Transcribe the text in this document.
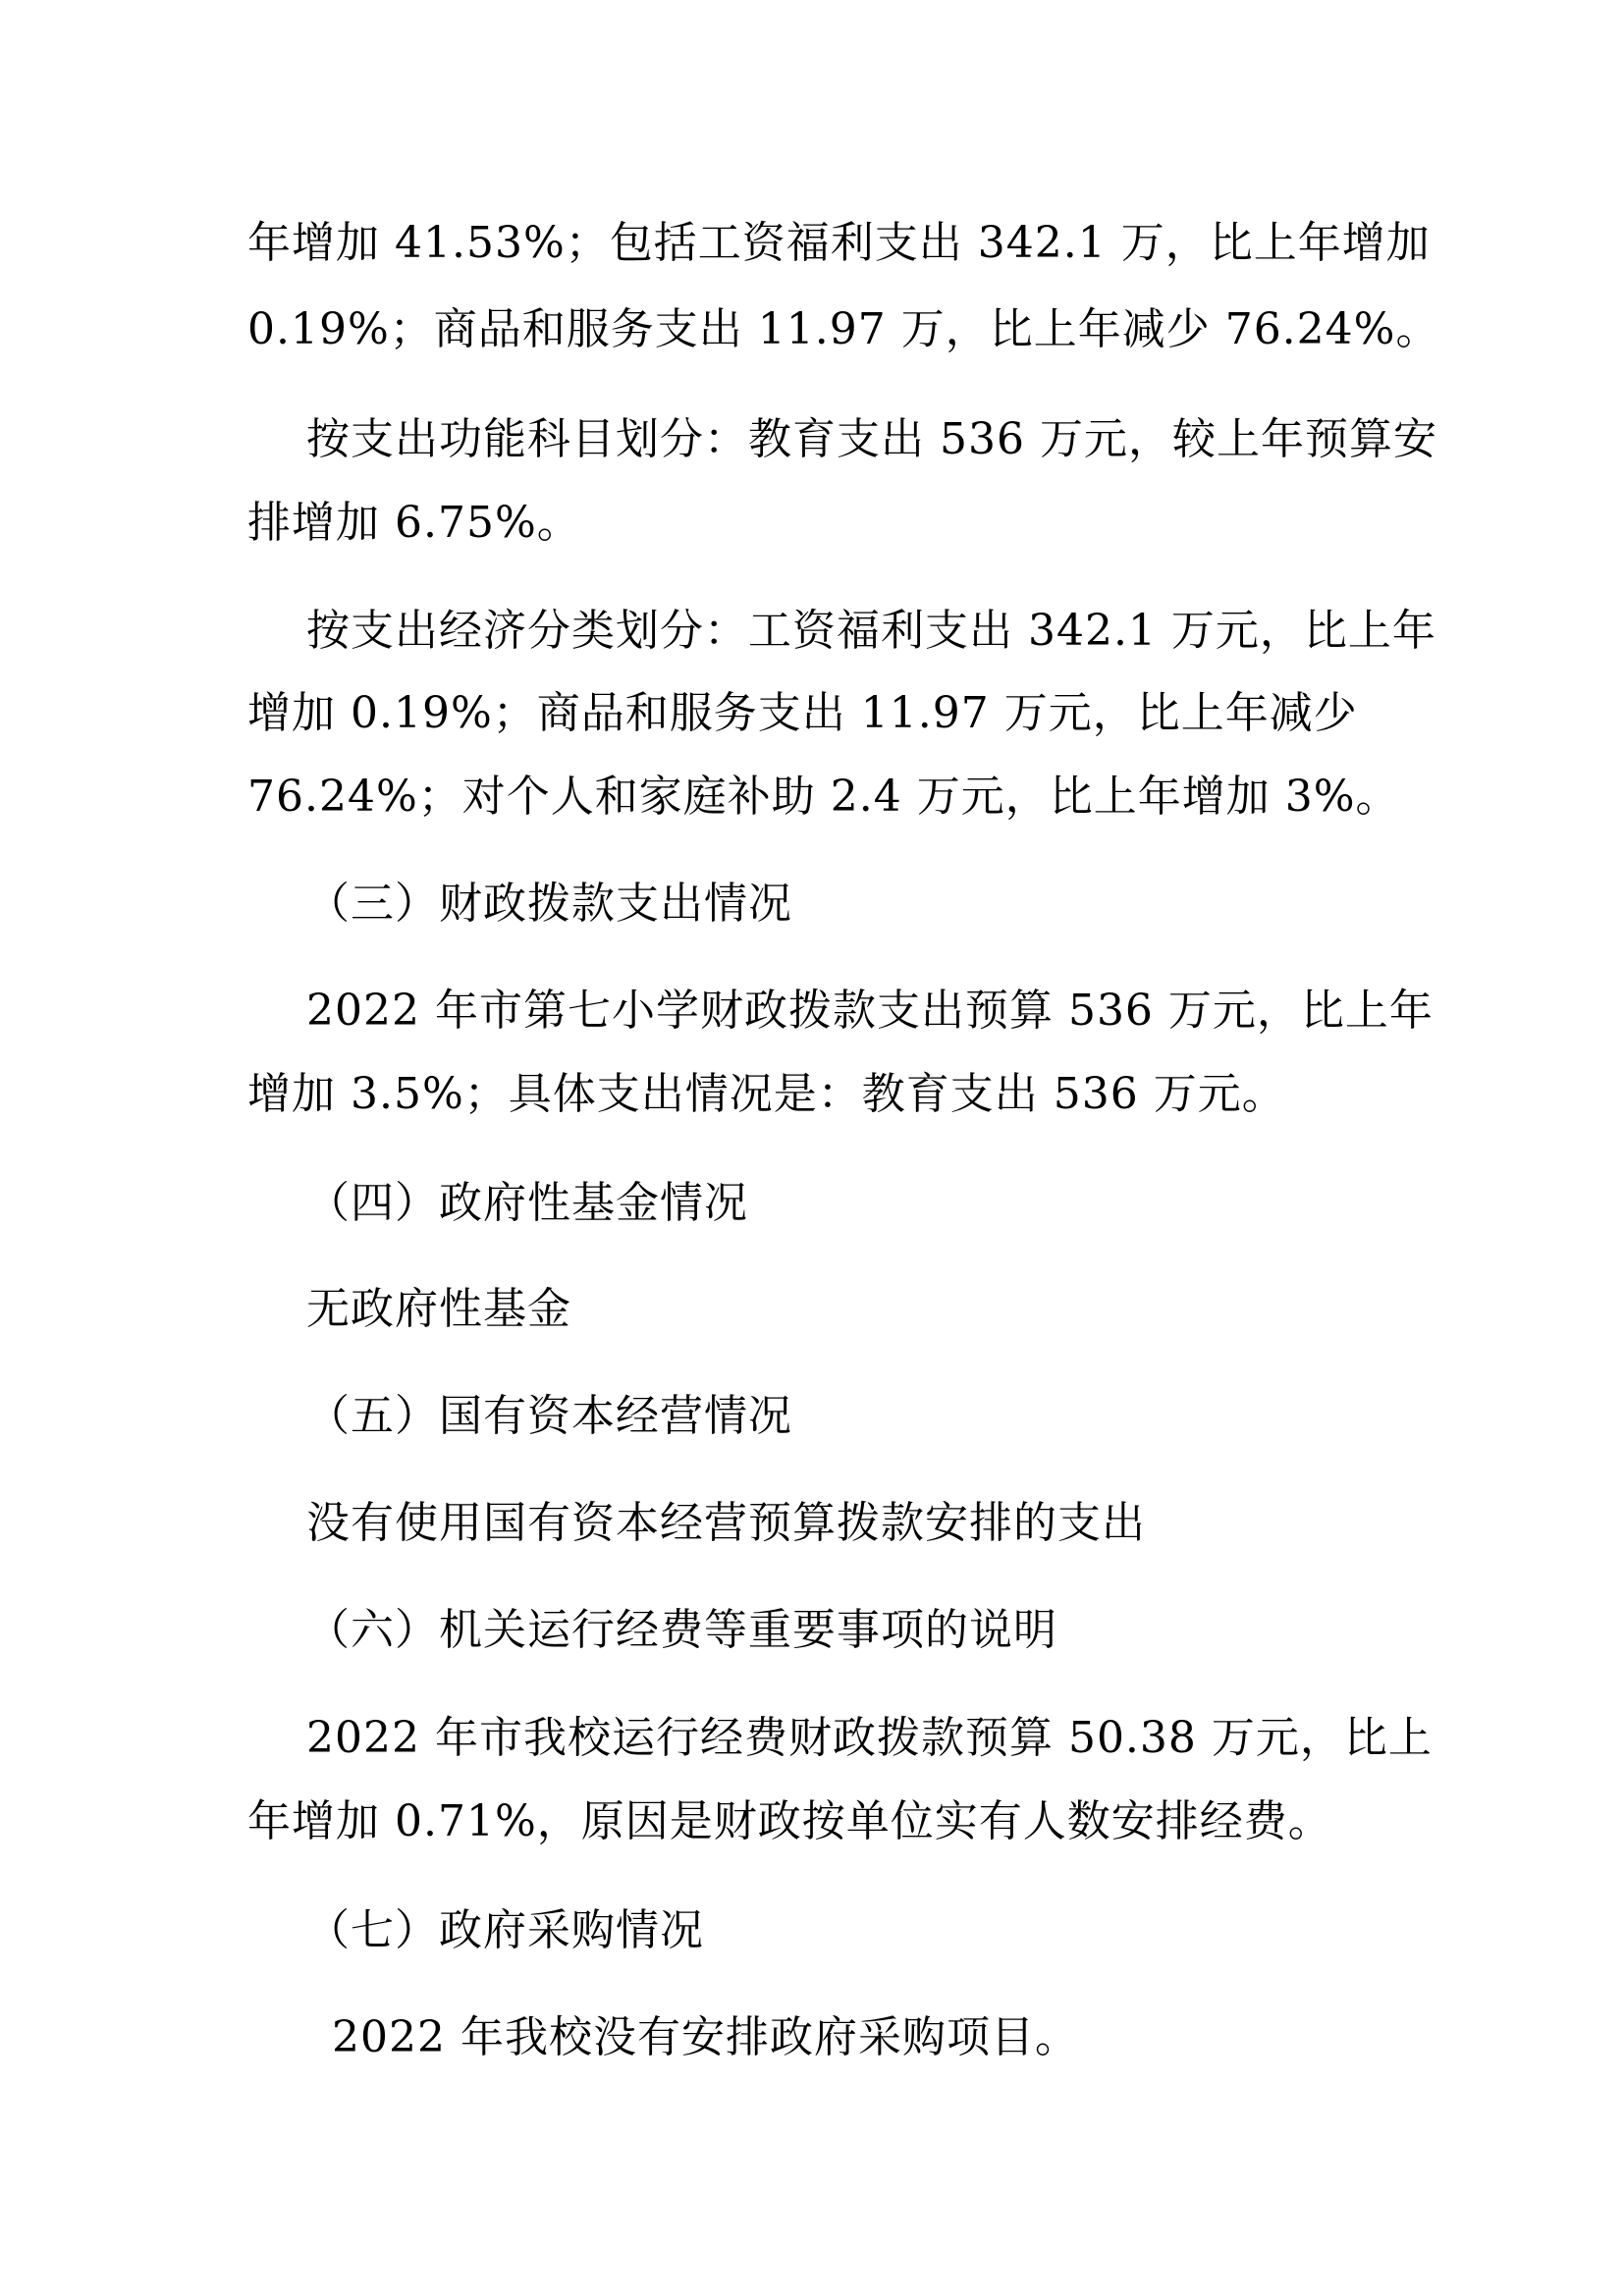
年增加 41.53%；包括工资福利支出 342.1 万，比上年增加
0.19%；商品和服务支出 11.97 万，比上年减少 76.24%。
按支出功能科目划分：教育支出 536 万元，较上年预算安
排增加 6.75%。
按支出经济分类划分：工资福利支出 342.1 万元，比上年
增加 0.19%；商品和服务支出 11.97 万元，比上年减少
76.24%；对个人和家庭补助 2.4 万元，比上年增加 3%。
（三）财政拨款支出情况
2022 年市第七小学财政拨款支出预算 536 万元，比上年
增加 3.5%；具体支出情况是：教育支出 536 万元。
（四）政府性基金情况
无政府性基金
（五）国有资本经营情况
没有使用国有资本经营预算拨款安排的支出
（六）机关运行经费等重要事项的说明
2022 年市我校运行经费财政拨款预算 50.38 万元，比上
年增加 0.71%，原因是财政按单位实有人数安排经费。
（七）政府采购情况
2022 年我校没有安排政府采购项目。
